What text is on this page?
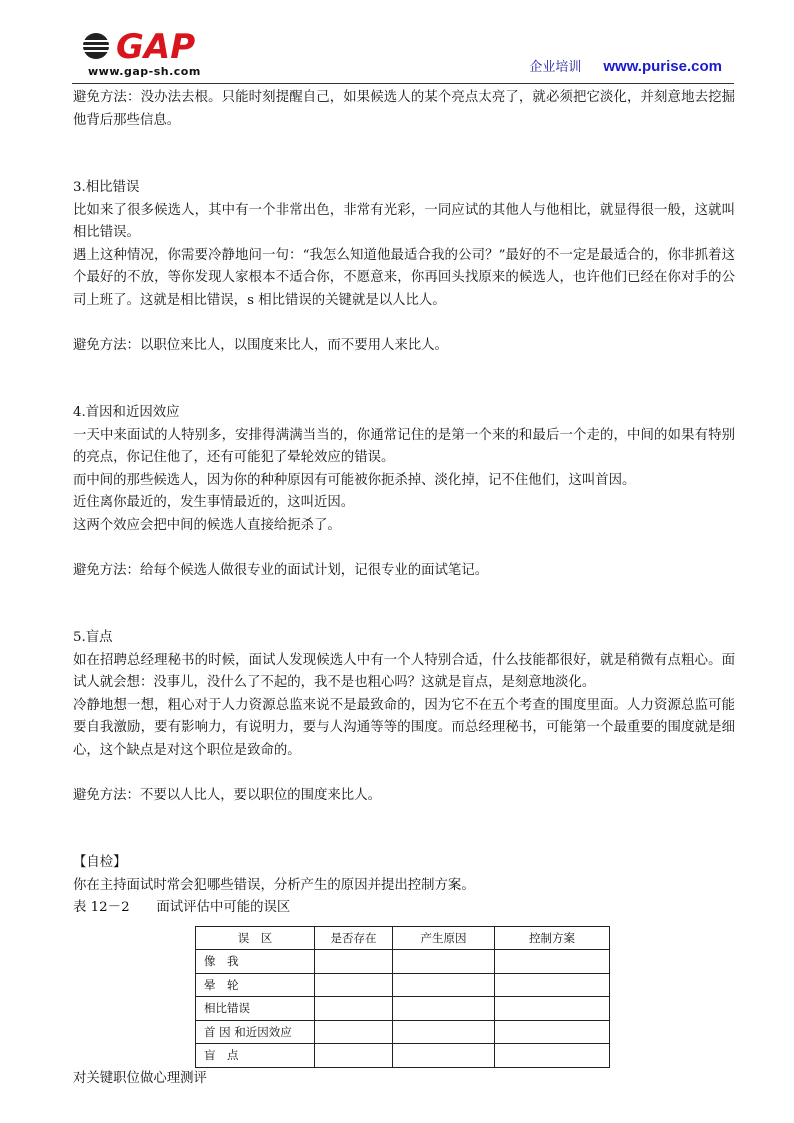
GAP
www.gap-sh.com	企业培训 www.purise.com

避免方法：没办法去根。只能时刻提醒自己，如果候选人的某个亮点太亮了，就必须把它淡化，并刻意地去挖掘他背后那些信息。

3.相比错误

比如来了很多候选人，其中有一个非常出色，非常有光彩，一同应试的其他人与他相比，就显得很一般，这就叫相比错误。

遇上这种情况，你需要冷静地问一句：“我怎么知道他最适合我的公司？”最好的不一定是最适合的，你非抓着这个最好的不放，等你发现人家根本不适合你，不愿意来，你再回头找原来的候选人，也许他们已经在你对手的公司上班了。这就是相比错误，s 相比错误的关键就是以人比人。

避免方法：以职位来比人，以围度来比人，而不要用人来比人。

4.首因和近因效应

一天中来面试的人特别多，安排得满满当当的，你通常记住的是第一个来的和最后一个走的，中间的如果有特别的亮点，你记住他了，还有可能犯了晕轮效应的错误。

而中间的那些候选人，因为你的种种原因有可能被你扼杀掉、淡化掉，记不住他们，这叫首因。

近住离你最近的，发生事情最近的，这叫近因。

这两个效应会把中间的候选人直接给扼杀了。

避免方法：给每个候选人做很专业的面试计划，记很专业的面试笔记。

5.盲点

如在招聘总经理秘书的时候，面试人发现候选人中有一个人特别合适，什么技能都很好，就是稍微有点粗心。面试人就会想：没事儿，没什么了不起的，我不是也粗心吗？这就是盲点，是刻意地淡化。

冷静地想一想，粗心对于人力资源总监来说不是最致命的，因为它不在五个考查的围度里面。人力资源总监可能要自我激励，要有影响力，有说明力，要与人沟通等等的围度。而总经理秘书，可能第一个最重要的围度就是细心，这个缺点是对这个职位是致命的。

避免方法：不要以人比人，要以职位的围度来比人。

【自检】

你在主持面试时常会犯哪些错误，分析产生的原因并提出控制方案。

表 12－2　　面试评估中可能的误区

误　区	是否存在	产生原因	控制方案
像　我			
晕　轮			
相比错误			
首 因 和近因效应			
盲　点			

对关键职位做心理测评
